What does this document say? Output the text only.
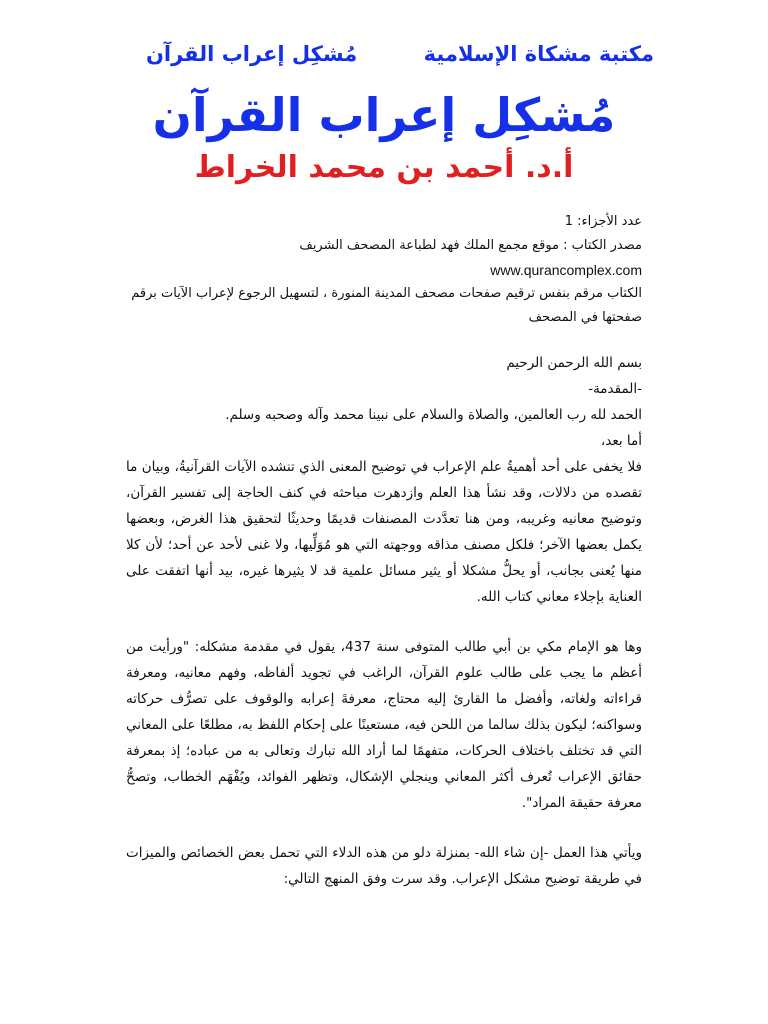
مكتبة مشكاة الإسلامية
مُشكِل إعراب القرآن
مُشكِل إعراب القرآن
أ.د. أحمد بن محمد الخراط
عدد الأجزاء: 1
مصدر الكتاب : موقع مجمع الملك فهد لطباعة المصحف الشريف
www.qurancomplex.com
الكتاب مرقم بنفس ترقيم صفحات مصحف المدينة المنورة ، لتسهيل الرجوع لإعراب الآيات برقم صفحتها في المصحف

بسم الله الرحمن الرحيم

-المقدمة-

الحمد لله رب العالمين، والصلاة والسلام على نبينا محمد وآله وصحبه وسلم.

أما بعد،

فلا يخفى على أحد أهميةُ علم الإعراب في توضيح المعنى الذي تنشده الآيات القرآنيةُ، وبيان ما تقصده من دلالات، وقد نشأ هذا العلم وازدهرت مباحثه في كنف الحاجة إلى تفسير القرآن، وتوضيح معانيه وغريبه، ومن هنا تعدَّدت المصنفات قديمًا وحديثًا لتحقيق هذا الغرض، وبعضها يكمل بعضها الآخر؛ فلكل مصنف مذاقه ووجهته التي هو مُوَلِّيها، ولا غنى لأحد عن أحد؛ لأن كلا منها يُعنى بجانب، أو يحلُّ مشكلا أو يثير مسائل علمية قد لا يثيرها غيره، بيد أنها اتفقت على العناية بإجلاء معاني كتاب الله.

وها هو الإمام مكي بن أبي طالب المتوفى سنة 437، يقول في مقدمة مشكله: "ورأيت من أعظم ما يجب على طالب علوم القرآن، الراغب في تجويد ألفاظه، وفهم معانيه، ومعرفة قراءاته ولغاته، وأفضل ما القارئ إليه محتاج، معرفةَ إعرابه والوقوف على تصرُّف حركاته وسواكنه؛ ليكون بذلك سالما من اللحن فيه، مستعينًا على إحكام اللفظ به، مطلعًا على المعاني التي قد تختلف باختلاف الحركات، متفهمًا لما أراد الله تبارك وتعالى به من عباده؛ إذ بمعرفة حقائق الإعراب تُعرف أكثر المعاني وينجلي الإشكال، وتظهر الفوائد، ويُفْهَم الخطاب، وتصحُّ معرفة حقيقة المراد".

ويأتي هذا العمل -إن شاء الله- بمنزلة دلو من هذه الدلاء التي تحمل بعض الخصائص والميزات في طريقة توضيح مشكل الإعراب. وقد سرت وفق المنهج التالي:
